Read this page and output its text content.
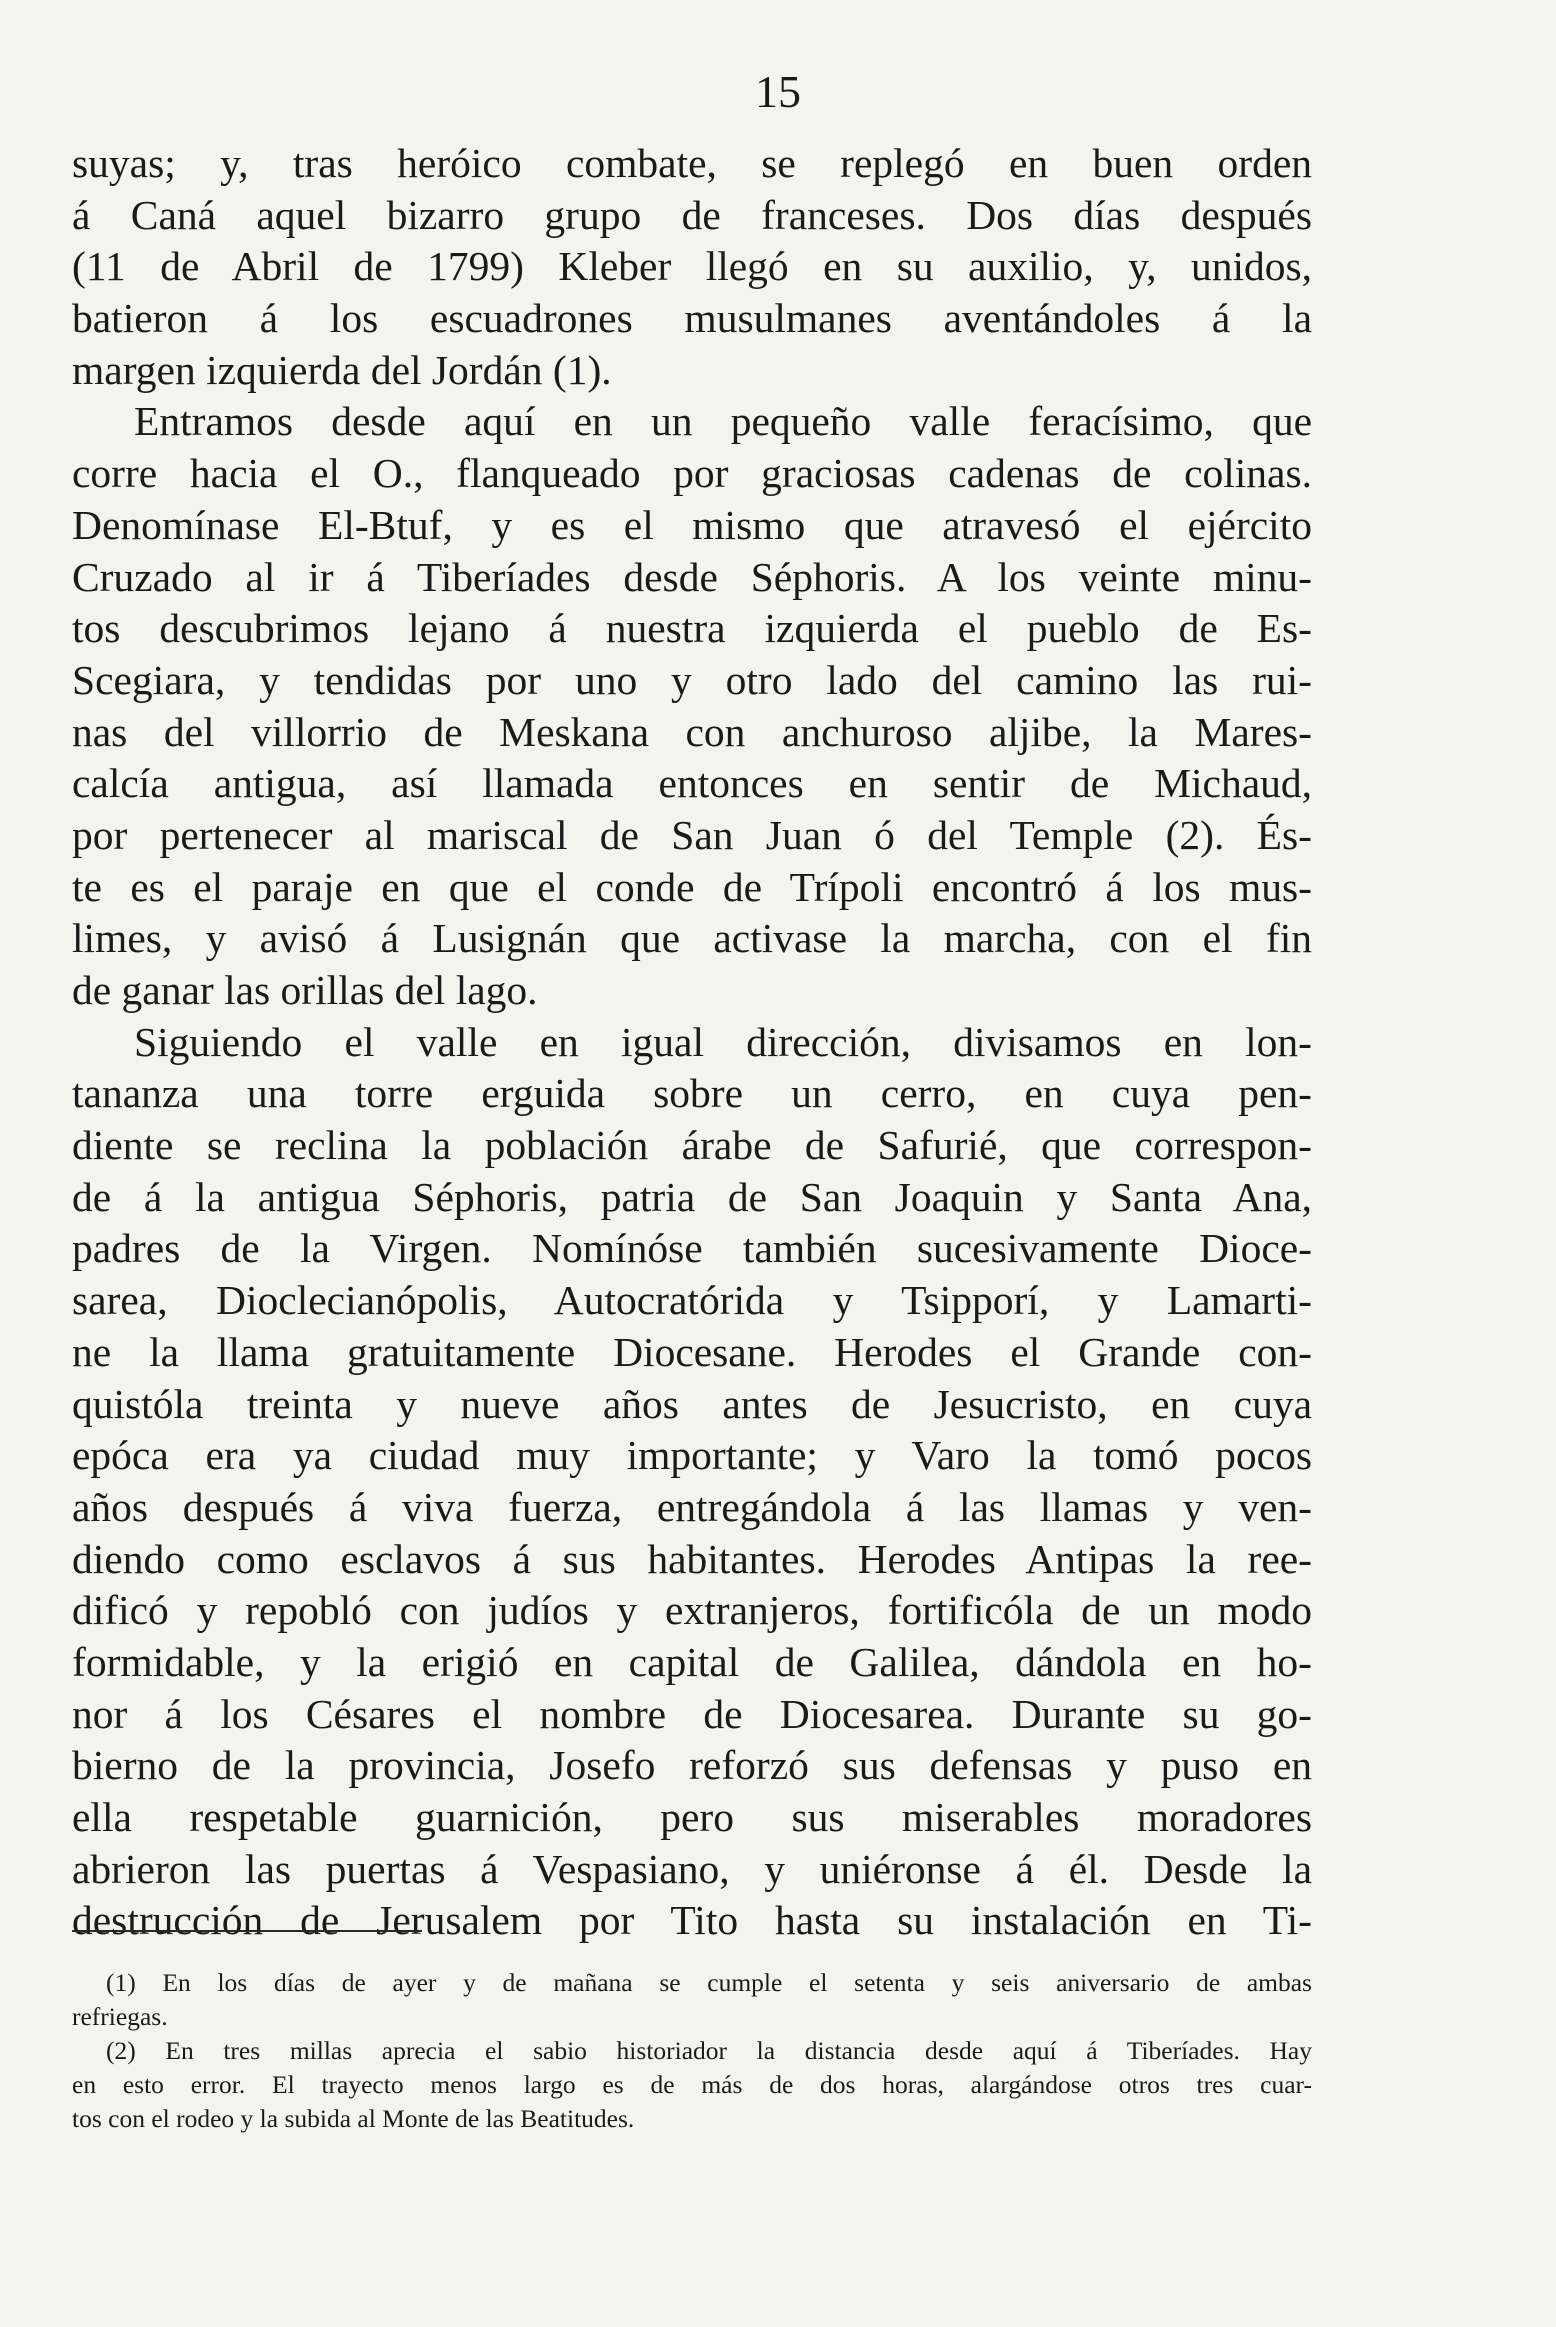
15
suyas; y, tras heróico combate, se replegó en buen orden
á Caná aquel bizarro grupo de franceses. Dos días después
(11 de Abril de 1799) Kleber llegó en su auxilio, y, unidos,
batieron á los escuadrones musulmanes aventándoles á la
margen izquierda del Jordán (1).
Entramos desde aquí en un pequeño valle feracísimo, que
corre hacia el O., flanqueado por graciosas cadenas de colinas.
Denomínase El-Btuf, y es el mismo que atravesó el ejército
Cruzado al ir á Tiberíades desde Séphoris. A los veinte minu-
tos descubrimos lejano á nuestra izquierda el pueblo de Es-
Scegiara, y tendidas por uno y otro lado del camino las rui-
nas del villorrio de Meskana con anchuroso aljibe, la Mares-
calcía antigua, así llamada entonces en sentir de Michaud,
por pertenecer al mariscal de San Juan ó del Temple (2). És-
te es el paraje en que el conde de Trípoli encontró á los mus-
limes, y avisó á Lusignán que activase la marcha, con el fin
de ganar las orillas del lago.
Siguiendo el valle en igual dirección, divisamos en lon-
tananza una torre erguida sobre un cerro, en cuya pen-
diente se reclina la población árabe de Safurié, que correspon-
de á la antigua Séphoris, patria de San Joaquin y Santa Ana,
padres de la Virgen. Nomínóse también sucesivamente Dioce-
sarea, Dioclecianópolis, Autocratórida y Tsipporí, y Lamarti-
ne la llama gratuitamente Diocesane. Herodes el Grande con-
quistóla treinta y nueve años antes de Jesucristo, en cuya
epóca era ya ciudad muy importante; y Varo la tomó pocos
años después á viva fuerza, entregándola á las llamas y ven-
diendo como esclavos á sus habitantes. Herodes Antipas la ree-
dificó y repobló con judíos y extranjeros, fortificóla de un modo
formidable, y la erigió en capital de Galilea, dándola en ho-
nor á los Césares el nombre de Diocesarea. Durante su go-
bierno de la provincia, Josefo reforzó sus defensas y puso en
ella respetable guarnición, pero sus miserables moradores
abrieron las puertas á Vespasiano, y uniéronse á él. Desde la
destrucción de Jerusalem por Tito hasta su instalación en Ti-
(1) En los días de ayer y de mañana se cumple el setenta y seis aniversario de ambas
refriegas.
(2) En tres millas aprecia el sabio historiador la distancia desde aquí á Tiberíades. Hay
en esto error. El trayecto menos largo es de más de dos horas, alargándose otros tres cuar-
tos con el rodeo y la subida al Monte de las Beatitudes.
